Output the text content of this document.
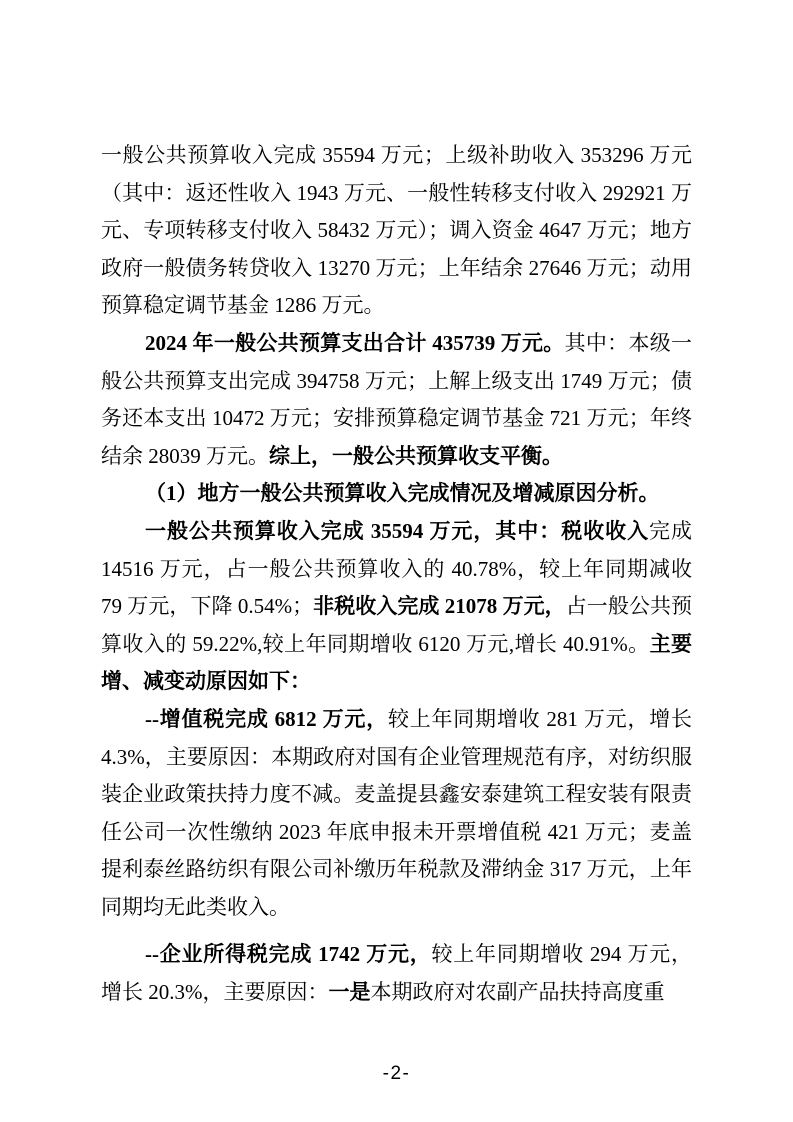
一般公共预算收入完成 35594 万元；上级补助收入 353296 万元（其中：返还性收入 1943 万元、一般性转移支付收入 292921 万元、专项转移支付收入 58432 万元）；调入资金 4647 万元；地方政府一般债务转贷收入 13270 万元；上年结余 27646 万元；动用预算稳定调节基金 1286 万元。

2024 年一般公共预算支出合计 435739 万元。其中：本级一般公共预算支出完成 394758 万元；上解上级支出 1749 万元；债务还本支出 10472 万元；安排预算稳定调节基金 721 万元；年终结余 28039 万元。综上，一般公共预算收支平衡。

（1）地方一般公共预算收入完成情况及增减原因分析。

一般公共预算收入完成 35594 万元，其中：税收收入完成 14516 万元，占一般公共预算收入的 40.78%，较上年同期减收 79 万元，下降 0.54%；非税收入完成 21078 万元，占一般公共预算收入的 59.22%,较上年同期增收 6120 万元,增长 40.91%。主要增、减变动原因如下：

--增值税完成 6812 万元，较上年同期增收 281 万元，增长 4.3%，主要原因：本期政府对国有企业管理规范有序，对纺织服装企业政策扶持力度不减。麦盖提县鑫安泰建筑工程安装有限责任公司一次性缴纳 2023 年底申报未开票增值税 421 万元；麦盖提利泰丝路纺织有限公司补缴历年税款及滞纳金 317 万元，上年同期均无此类收入。

--企业所得税完成 1742 万元，较上年同期增收 294 万元，增长 20.3%，主要原因：一是本期政府对农副产品扶持高度重

-2-
